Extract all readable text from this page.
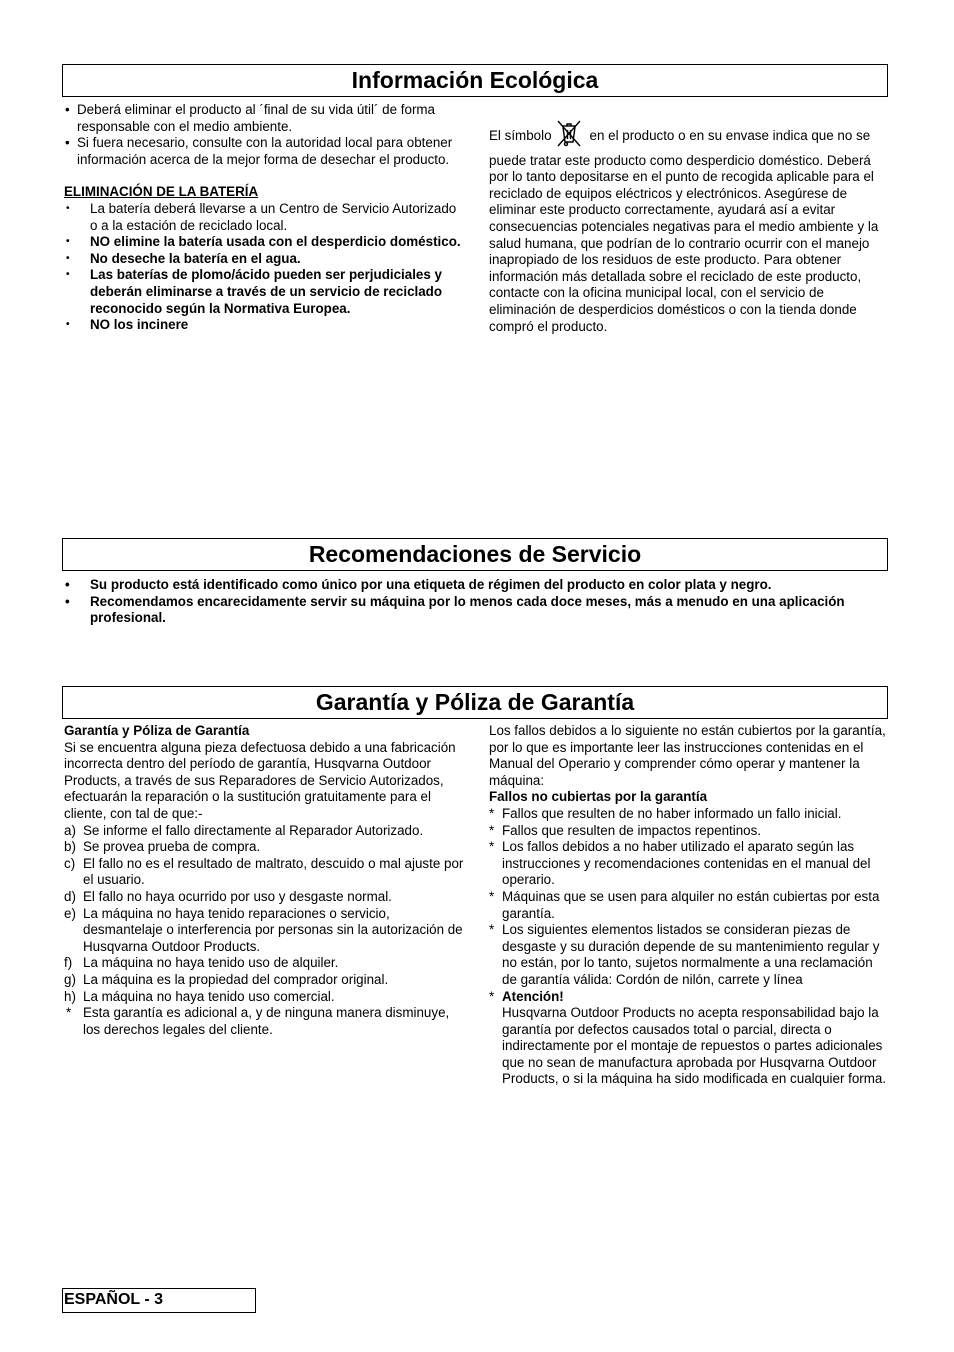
Información Ecológica
• Deberá eliminar el producto al ´final de su vida útil´ de forma responsable con el medio ambiente.
• Si fuera necesario, consulte con la autoridad local para obtener información acerca de la mejor forma de desechar el producto.

ELIMINACIÓN DE LA BATERÍA

• La batería deberá llevarse a un Centro de Servicio Autorizado o a la estación de reciclado local.
• NO elimine la batería usada con el desperdicio doméstico.
• No deseche la batería en el agua.
• Las baterías de plomo/ácido pueden ser perjudiciales y deberán eliminarse a través de un servicio de reciclado reconocido según la Normativa Europea.
• NO los incinere

El símbolo	en el producto o en su envase indica que no se puede tratar este producto como desperdicio doméstico. Deberá por lo tanto depositarse en el punto de recogida aplicable para el reciclado de equipos eléctricos y electrónicos. Asegúrese de eliminar este producto correctamente, ayudará así a evitar consecuencias potenciales negativas para el medio ambiente y la salud humana, que podrían de lo contrario ocurrir con el manejo inapropiado de los residuos de este producto. Para obtener información más detallada sobre el reciclado de este producto, contacte con la oficina municipal local, con el servicio de eliminación de desperdicios domésticos o con la tienda donde compró el producto.

Recomendaciones de Servicio
• Su producto está identificado como único por una etiqueta de régimen del producto en color plata y negro.
• Recomendamos encarecidamente servir su máquina por lo menos cada doce meses, más a menudo en una aplicación profesional.
Garantía y Póliza de Garantía

Garantía y Póliza de Garantía

Si se encuentra alguna pieza defectuosa debido a una fabricación incorrecta dentro del período de garantía, Husqvarna Outdoor Products, a través de sus Reparadores de Servicio Autorizados, efectuarán la reparación o la sustitución gratuitamente para el cliente, con tal de que:-

a) Se informe el fallo directamente al Reparador Autorizado.
b) Se provea prueba de compra.
c) El fallo no es el resultado de maltrato, descuido o mal ajuste por el usuario.
d) El fallo no haya ocurrido por uso y desgaste normal.
e) La máquina no haya tenido reparaciones o servicio, desmantelaje o interferencia por personas sin la autorización de Husqvarna Outdoor Products.
f) La máquina no haya tenido uso de alquiler.
g) La máquina es la propiedad del comprador original.
h) La máquina no haya tenido uso comercial.
* Esta garantía es adicional a, y de ninguna manera disminuye, los derechos legales del cliente.

Los fallos debidos a lo siguiente no están cubiertos por la garantía, por lo que es importante leer las instrucciones contenidas en el Manual del Operario y comprender cómo operar y mantener la máquina:

Fallos no cubiertas por la garantía

* Fallos que resulten de no haber informado un fallo inicial.
* Fallos que resulten de impactos repentinos.
* Los fallos debidos a no haber utilizado el aparato según las instrucciones y recomendaciones contenidas en el manual del operario.
* Máquinas que se usen para alquiler no están cubiertas por esta garantía.
* Los siguientes elementos listados se consideran piezas de desgaste y su duración depende de su mantenimiento regular y no están, por lo tanto, sujetos normalmente a una reclamación de garantía válida: Cordón de nilón, carrete y línea
* Atención!
Husqvarna Outdoor Products no acepta responsabilidad bajo la garantía por defectos causados total o parcial, directa o indirectamente por el montaje de repuestos o partes adicionales que no sean de manufactura aprobada por Husqvarna Outdoor Products, o si la máquina ha sido modificada en cualquier forma.
ESPAÑOL - 3
